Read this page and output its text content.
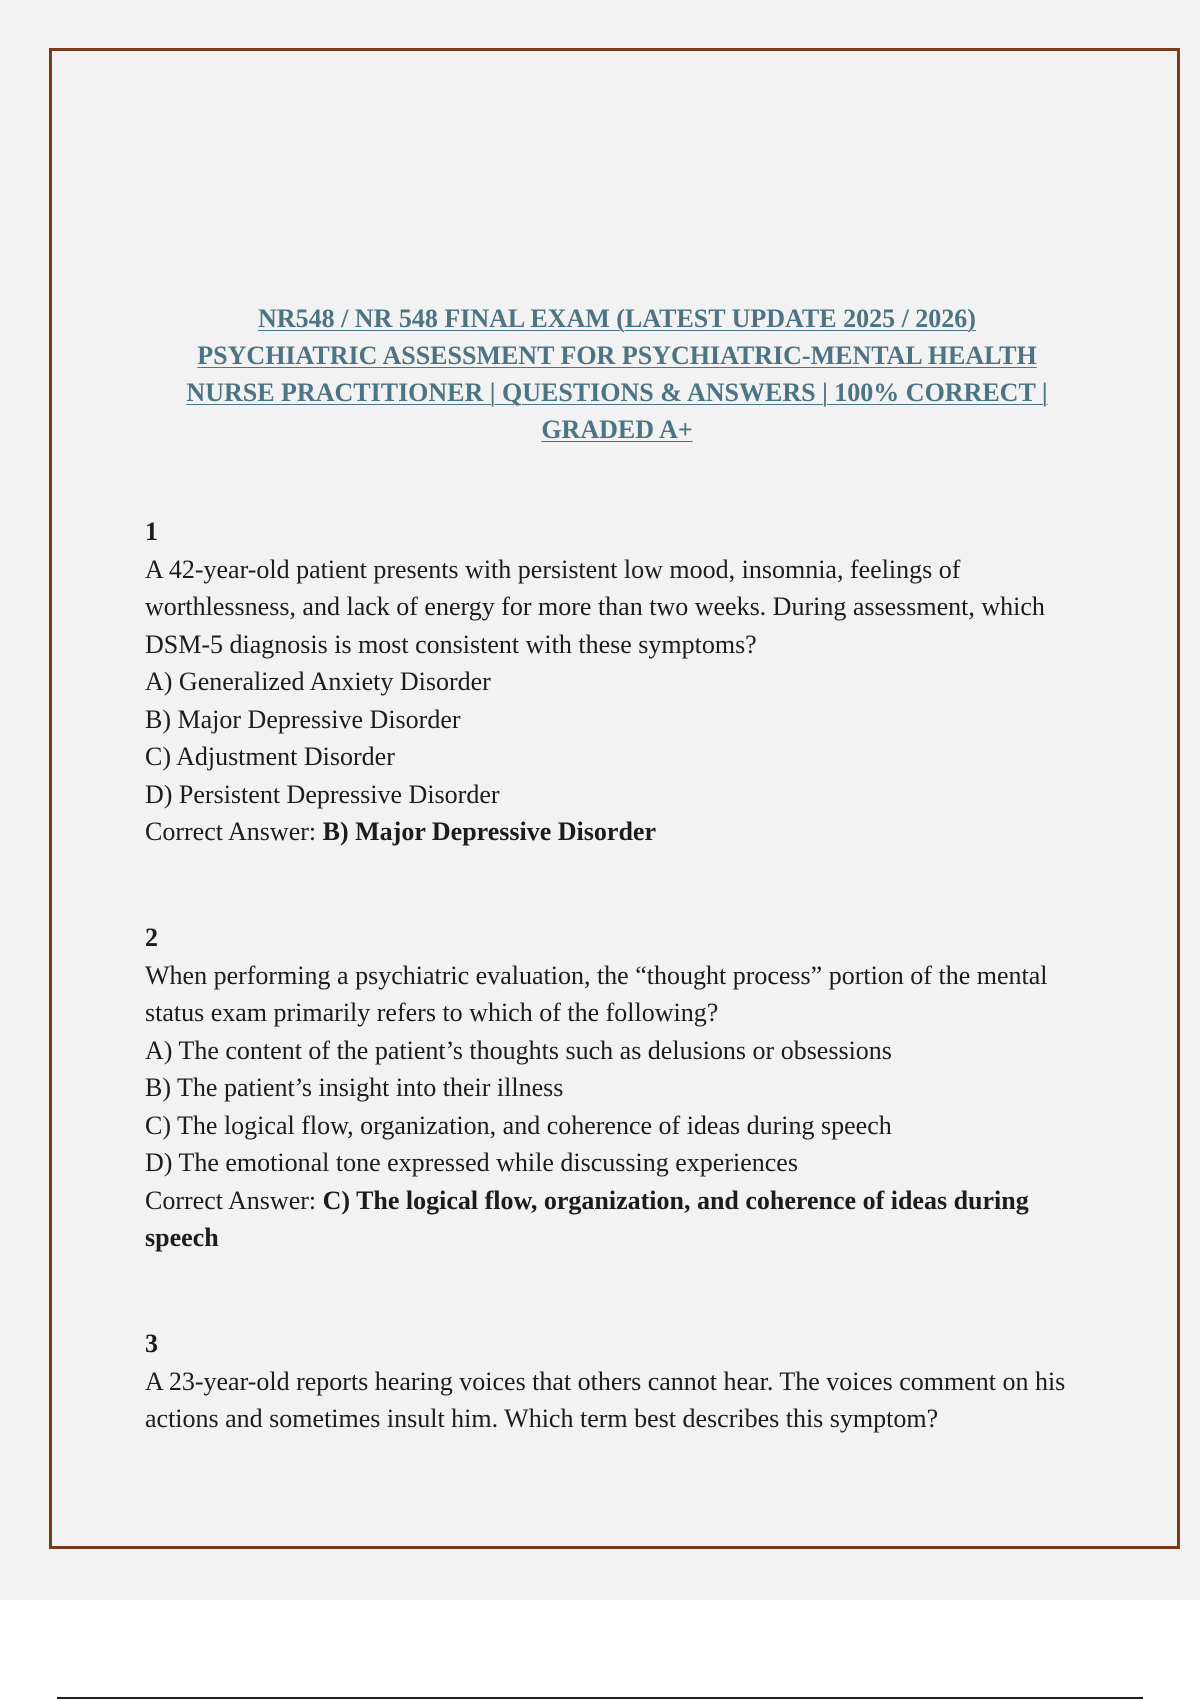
NR548 / NR 548 FINAL EXAM (LATEST UPDATE 2025 / 2026)
PSYCHIATRIC ASSESSMENT FOR PSYCHIATRIC-MENTAL HEALTH
NURSE PRACTITIONER | QUESTIONS & ANSWERS | 100% CORRECT |
GRADED A+

1

A 42-year-old patient presents with persistent low mood, insomnia, feelings of worthlessness, and lack of energy for more than two weeks. During assessment, which DSM-5 diagnosis is most consistent with these symptoms?

A) Generalized Anxiety Disorder

B) Major Depressive Disorder

C) Adjustment Disorder

D) Persistent Depressive Disorder

Correct Answer: B) Major Depressive Disorder

2

When performing a psychiatric evaluation, the “thought process” portion of the mental status exam primarily refers to which of the following?

A) The content of the patient’s thoughts such as delusions or obsessions

B) The patient’s insight into their illness

C) The logical flow, organization, and coherence of ideas during speech

D) The emotional tone expressed while discussing experiences

Correct Answer: C) The logical flow, organization, and coherence of ideas during speech

3

A 23-year-old reports hearing voices that others cannot hear. The voices comment on his actions and sometimes insult him. Which term best describes this symptom?
